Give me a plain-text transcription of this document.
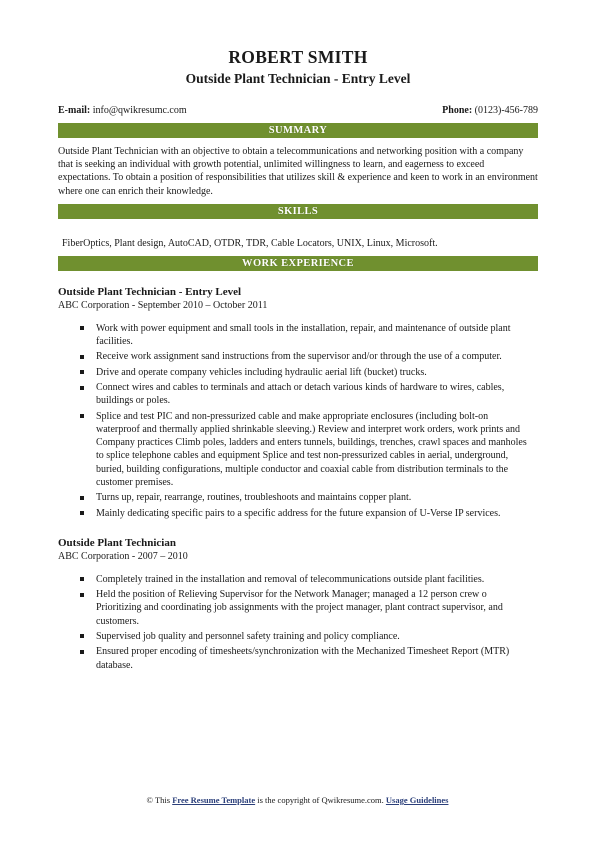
ROBERT SMITH
Outside Plant Technician - Entry Level
E-mail: info@qwikresumc.com	Phone: (0123)-456-789
SUMMARY
Outside Plant Technician with an objective to obtain a telecommunications and networking position with a company that is seeking an individual with growth potential, unlimited willingness to learn, and eagerness to exceed expectations. To obtain a position of responsibilities that utilizes skill & experience and keen to work in an environment where one can enrich their knowledge.
SKILLS
FiberOptics, Plant design, AutoCAD, OTDR, TDR, Cable Locators, UNIX, Linux, Microsoft.
WORK EXPERIENCE
Outside Plant Technician - Entry Level
ABC Corporation - September 2010 – October 2011
Work with power equipment and small tools in the installation, repair, and maintenance of outside plant facilities.
Receive work assignment sand instructions from the supervisor and/or through the use of a computer.
Drive and operate company vehicles including hydraulic aerial lift (bucket) trucks.
Connect wires and cables to terminals and attach or detach various kinds of hardware to wires, cables, buildings or poles.
Splice and test PIC and non-pressurized cable and make appropriate enclosures (including bolt-on waterproof and thermally applied shrinkable sleeving.) Review and interpret work orders, work prints and Company practices Climb poles, ladders and enters tunnels, buildings, trenches, crawl spaces and manholes to splice telephone cables and equipment Splice and test non-pressurized cables in aerial, underground, buried, building configurations, multiple conductor and coaxial cable from distribution terminals to the customer premises.
Turns up, repair, rearrange, routines, troubleshoots and maintains copper plant.
Mainly dedicating specific pairs to a specific address for the future expansion of U-Verse IP services.
Outside Plant Technician
ABC Corporation - 2007 – 2010
Completely trained in the installation and removal of telecommunications outside plant facilities.
Held the position of Relieving Supervisor for the Network Manager; managed a 12 person crew o Prioritizing and coordinating job assignments with the project manager, plant contract supervisor, and customers.
Supervised job quality and personnel safety training and policy compliance.
Ensured proper encoding of timesheets/synchronization with the Mechanized Timesheet Report (MTR) database.
© This Free Resume Template is the copyright of Qwikresume.com. Usage Guidelines
